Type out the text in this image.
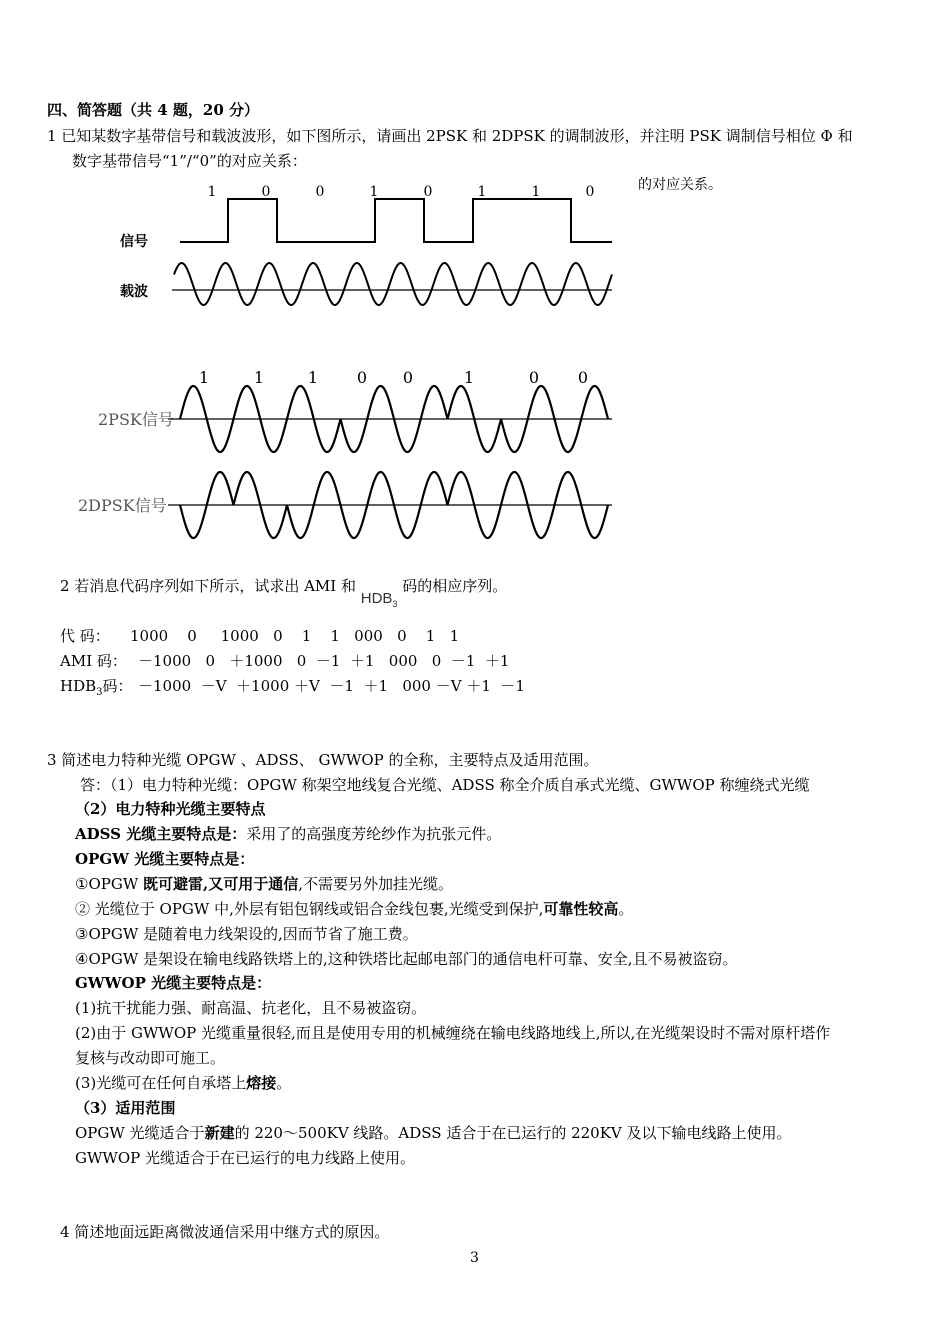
四、简答题（共 4 题，20 分）
1 已知某数字基带信号和载波波形，如下图所示，请画出 2PSK 和 2DPSK 的调制波形，并注明 PSK 调制信号相位 Φ 和
数字基带信号“1”/“0”的对应关系：
的对应关系。
1	0	0	1	0	1	1	0
信号
载波
1	1	1 0 0	1	0 0
2PSK信号
2DPSK信号
2 若消息代码序列如下所示，试求出 AMI 和 $HDB_3$ 码的相应序列。
代 码： 1000    0     1000   0    1    1   000   0    1   1
AMI 码： －1000   0   ＋1000   0  －1  ＋1   000   0  －1  ＋1
$HDB_3$码： －1000  －V  ＋1000 ＋V  －1  ＋1   000 －V ＋1  －1
3 简述电力特种光缆 OPGW 、ADSS、 GWWOP 的全称，主要特点及适用范围。
答：（1）电力特种光缆：OPGW 称架空地线复合光缆、ADSS 称全介质自承式光缆、GWWOP 称缠绕式光缆
（2）电力特种光缆主要特点
ADSS 光缆主要特点是：采用了的高强度芳纶纱作为抗张元件。
OPGW 光缆主要特点是：
①OPGW 既可避雷,又可用于通信,不需要另外加挂光缆。
② 光缆位于 OPGW 中,外层有铝包钢线或铝合金线包裹,光缆受到保护,可靠性较高。
③OPGW 是随着电力线架设的,因而节省了施工费。
④OPGW 是架设在输电线路铁塔上的,这种铁塔比起邮电部门的通信电杆可靠、安全,且不易被盗窃。
GWWOP 光缆主要特点是：
(1)抗干扰能力强、耐高温、抗老化，且不易被盗窃。
(2)由于 GWWOP 光缆重量很轻,而且是使用专用的机械缠绕在输电线路地线上,所以,在光缆架设时不需对原杆塔作
复核与改动即可施工。
(3)光缆可在任何自承塔上熔接。
（3）适用范围
OPGW 光缆适合于新建的 220～500KV 线路。ADSS 适合于在已运行的 220KV 及以下输电线路上使用。
GWWOP 光缆适合于在已运行的电力线路上使用。
4 简述地面远距离微波通信采用中继方式的原因。
3
